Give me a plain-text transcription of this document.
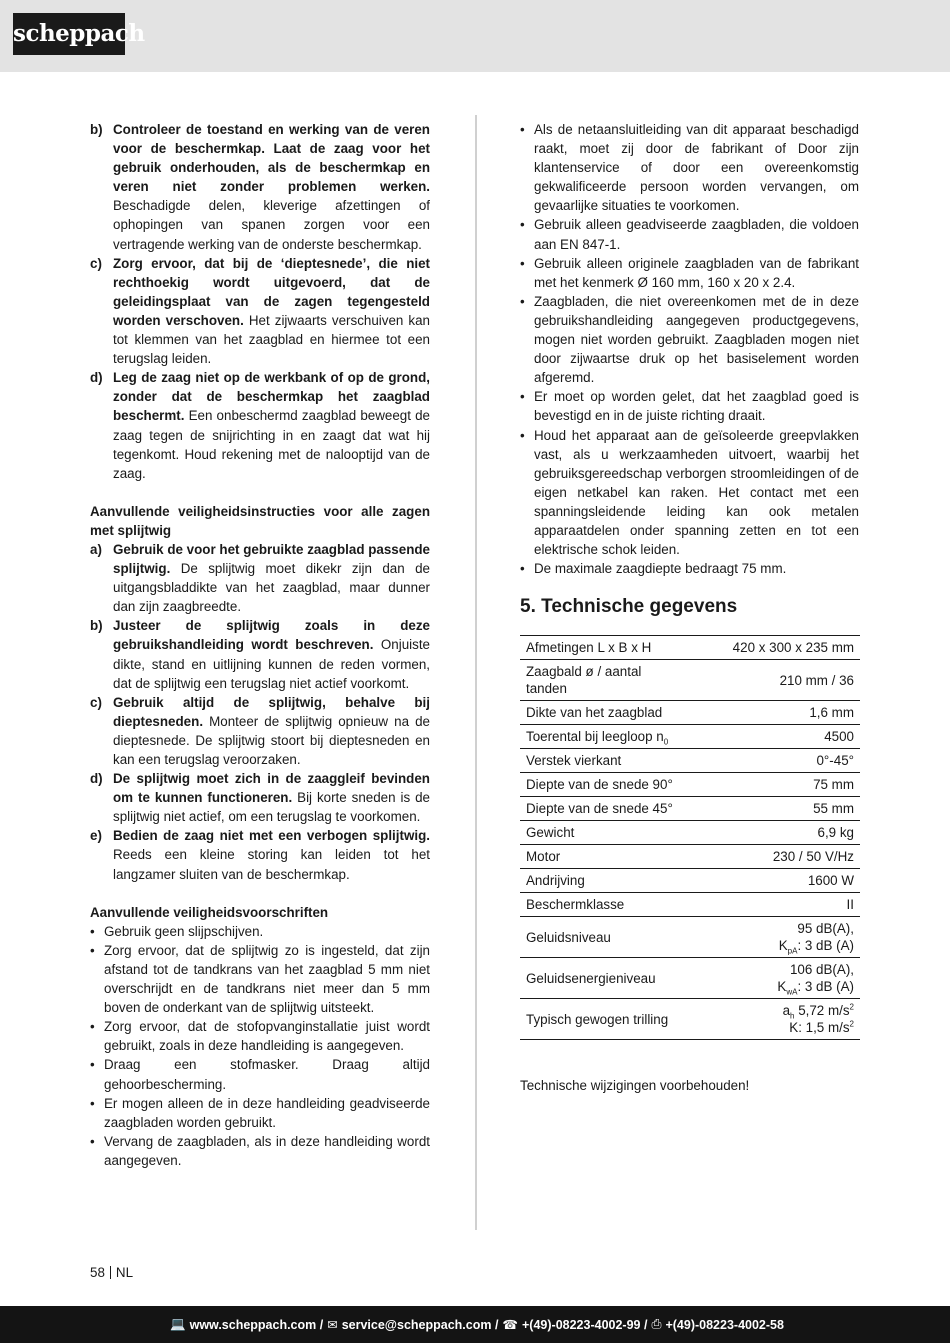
scheppach
b) Controleer de toestand en werking van de veren voor de beschermkap. Laat de zaag voor het gebruik onderhouden, als de beschermkap en veren niet zonder problemen werken. Beschadigde delen, kleverige afzettingen of ophopingen van spanen zorgen voor een vertragende werking van de onderste beschermkap.
c) Zorg ervoor, dat bij de ‘dieptesnede’, die niet rechthoekig wordt uitgevoerd, dat de geleidingsplaat van de zagen tegengesteld worden verschoven. Het zijwaarts verschuiven kan tot klemmen van het zaagblad en hiermee tot een terugslag leiden.
d) Leg de zaag niet op de werkbank of op de grond, zonder dat de beschermkap het zaagblad beschermt. Een onbeschermd zaagblad beweegt de zaag tegen de snijrichting in en zaagt dat wat hij tegenkomt. Houd rekening met de nalooptijd van de zaag.
Aanvullende veiligheidsinstructies voor alle zagen met splijtwig
a) Gebruik de voor het gebruikte zaagblad passende splijtwig. De splijtwig moet dikekr zijn dan de uitgangsbladdikte van het zaagblad, maar dunner dan zijn zaagbreedte.
b) Justeer de splijtwig zoals in deze gebruikshandleiding wordt beschreven. Onjuiste dikte, stand en uitlijning kunnen de reden vormen, dat de splijtwig een terugslag niet actief voorkomt.
c) Gebruik altijd de splijtwig, behalve bij dieptesneden. Monteer de splijtwig opnieuw na de dieptesnede. De splijtwig stoort bij dieptesneden en kan een terugslag veroorzaken.
d) De splijtwig moet zich in de zaaggleif bevinden om te kunnen functioneren. Bij korte sneden is de splijtwig niet actief, om een terugslag te voorkomen.
e) Bedien de zaag niet met een verbogen splijtwig. Reeds een kleine storing kan leiden tot het langzamer sluiten van de beschermkap.
Aanvullende veiligheidsvoorschriften
• Gebruik geen slijpschijven.
• Zorg ervoor, dat de splijtwig zo is ingesteld, dat zijn afstand tot de tandkrans van het zaagblad 5 mm niet overschrijdt en de tandkrans niet meer dan 5 mm boven de onderkant van de splijtwig uitsteekt.
• Zorg ervoor, dat de stofopvanginstallatie juist wordt gebruikt, zoals in deze handleiding is aangegeven.
• Draag een stofmasker. Draag altijd gehoorbescherming.
• Er mogen alleen de in deze handleiding geadviseerde zaagbladen worden gebruikt.
• Vervang de zaagbladen, als in deze handleiding wordt aangegeven.
• Als de netaansluitleiding van dit apparaat beschadigd raakt, moet zij door de fabrikant of Door zijn klantenservice of door een overeenkomstig gekwalificeerde persoon worden vervangen, om gevaarlijke situaties te voorkomen.
• Gebruik alleen geadviseerde zaagbladen, die voldoen aan EN 847-1.
• Gebruik alleen originele zaagbladen van de fabrikant met het kenmerk Ø 160 mm, 160 x 20 x 2.4.
• Zaagbladen, die niet overeenkomen met de in deze gebruikshandleiding aangegeven productgegevens, mogen niet worden gebruikt. Zaagbladen mogen niet door zijwaartse druk op het basiselement worden afgeremd.
• Er moet op worden gelet, dat het zaagblad goed is bevestigd en in de juiste richting draait.
• Houd het apparaat aan de geïsoleerde greepvlakken vast, als u werkzaamheden uitvoert, waarbij het gebruiksgereedschap verborgen stroomleidingen of de eigen netkabel kan raken. Het contact met een spanningsleidende leiding kan ook metalen apparaatdelen onder spanning zetten en tot een elektrische schok leiden.
• De maximale zaagdiepte bedraagt 75 mm.
5. Technische gegevens
Afmetingen L x B x H	420 x 300 x 235 mm
Zaagbald ø / aantal tanden	210 mm / 36
Dikte van het zaagblad	1,6 mm
Toerental bij leegloop $n_0$	4500
Verstek vierkant	0°-45°
Diepte van de snede 90°	75 mm
Diepte van de snede 45°	55 mm
Gewicht	6,9 kg
Motor	230 / 50 V/Hz
Andrijving	1600 W
Beschermklasse	II
Geluidsniveau	95 dB(A),
$K_{pA}$: 3 dB (A)

Geluidsenergieniveau	106 dB(A),
$K_{wA}$: 3 dB (A)

Typisch gewogen trilling	$a_h$ 5,72 $m/s^2$
K: 1,5 $m/s^2$
Technische wijzigingen voorbehouden!
58 NL
💻 www.scheppach.com / ✉ service@scheppach.com / ☎ +(49)-08223-4002-99 / ⎙ +(49)-08223-4002-58
